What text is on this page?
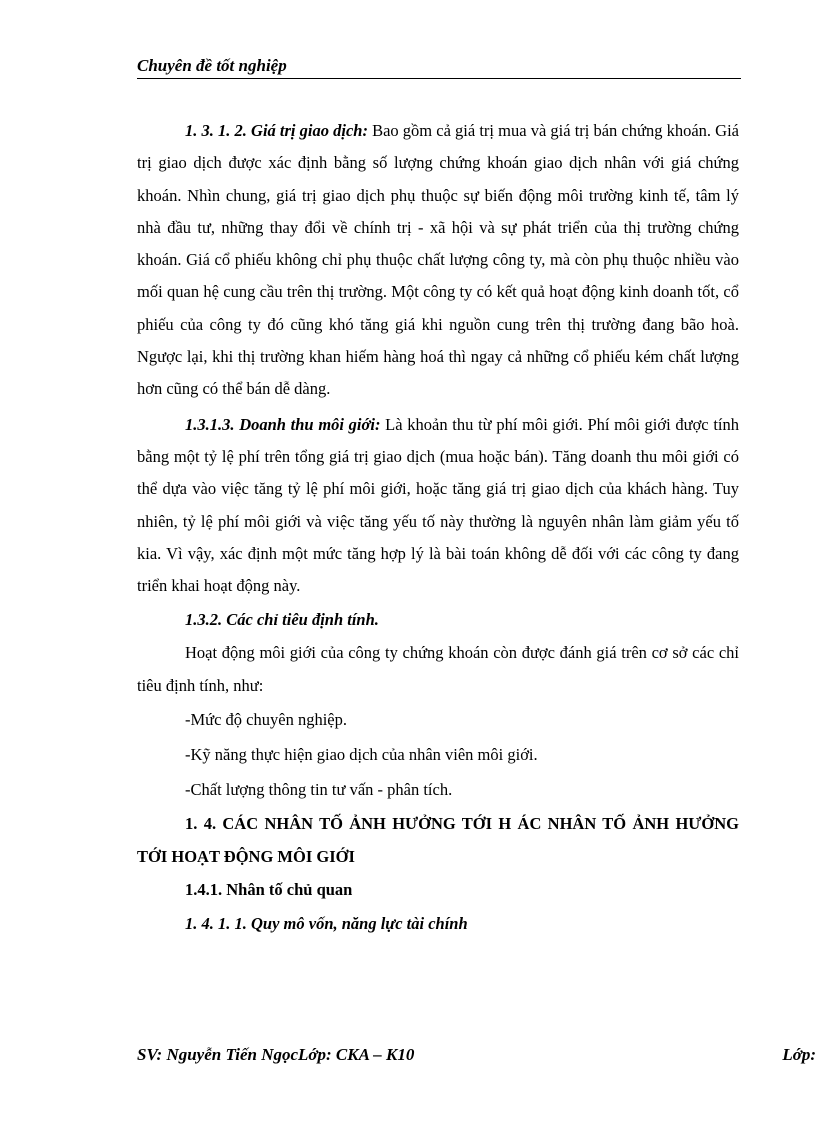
Chuyên đề tốt nghiệp

1. 3. 1. 2. Giá trị giao dịch: Bao gồm cả giá trị mua và giá trị bán chứng khoán. Giá trị giao dịch được xác định bằng số lượng chứng khoán giao dịch nhân với giá chứng khoán. Nhìn chung, giá trị giao dịch phụ thuộc sự biến động môi trường kinh tế, tâm lý nhà đầu tư, những thay đổi về chính trị - xã hội và sự phát triển của thị trường chứng khoán. Giá cổ phiếu không chỉ phụ thuộc chất lượng công ty, mà còn phụ thuộc nhiều vào mối quan hệ cung cầu trên thị trường. Một công ty có kết quả hoạt động kinh doanh tốt, cổ phiếu của công ty đó cũng khó tăng giá khi nguồn cung trên thị trường đang bão hoà. Ngược lại, khi thị trường khan hiếm hàng hoá thì ngay cả những cổ phiếu kém chất lượng hơn cũng có thể bán dễ dàng.

1.3.1.3. Doanh thu môi giới: Là khoản thu từ phí môi giới. Phí môi giới được tính bằng một tỷ lệ phí trên tổng giá trị giao dịch (mua hoặc bán). Tăng doanh thu môi giới có thể dựa vào việc tăng tỷ lệ phí môi giới, hoặc tăng giá trị giao dịch của khách hàng. Tuy nhiên, tỷ lệ phí môi giới và việc tăng yếu tố này thường là nguyên nhân làm giảm yếu tố kia. Vì vậy, xác định một mức tăng hợp lý là bài toán không dễ đối với các công ty đang triển khai hoạt động này.

1.3.2. Các chỉ tiêu định tính.

Hoạt động môi giới của công ty chứng khoán còn được đánh giá trên cơ sở các chỉ tiêu định tính, như:

-Mức độ chuyên nghiệp.

-Kỹ năng thực hiện giao dịch của nhân viên môi giới.

-Chất lượng thông tin tư vấn - phân tích.

1. 4. CÁC NHÂN TỐ ẢNH HƯỞNG TỚI H ÁC NHÂN TỐ ẢNH HƯỞNG TỚI HOẠT ĐỘNG MÔI GIỚI

1.4.1. Nhân tố chủ quan

1. 4. 1. 1. Quy mô vốn, năng lực tài chính

SV: Nguyễn Tiến NgọcLớp: CKA – K10	Lớp:
